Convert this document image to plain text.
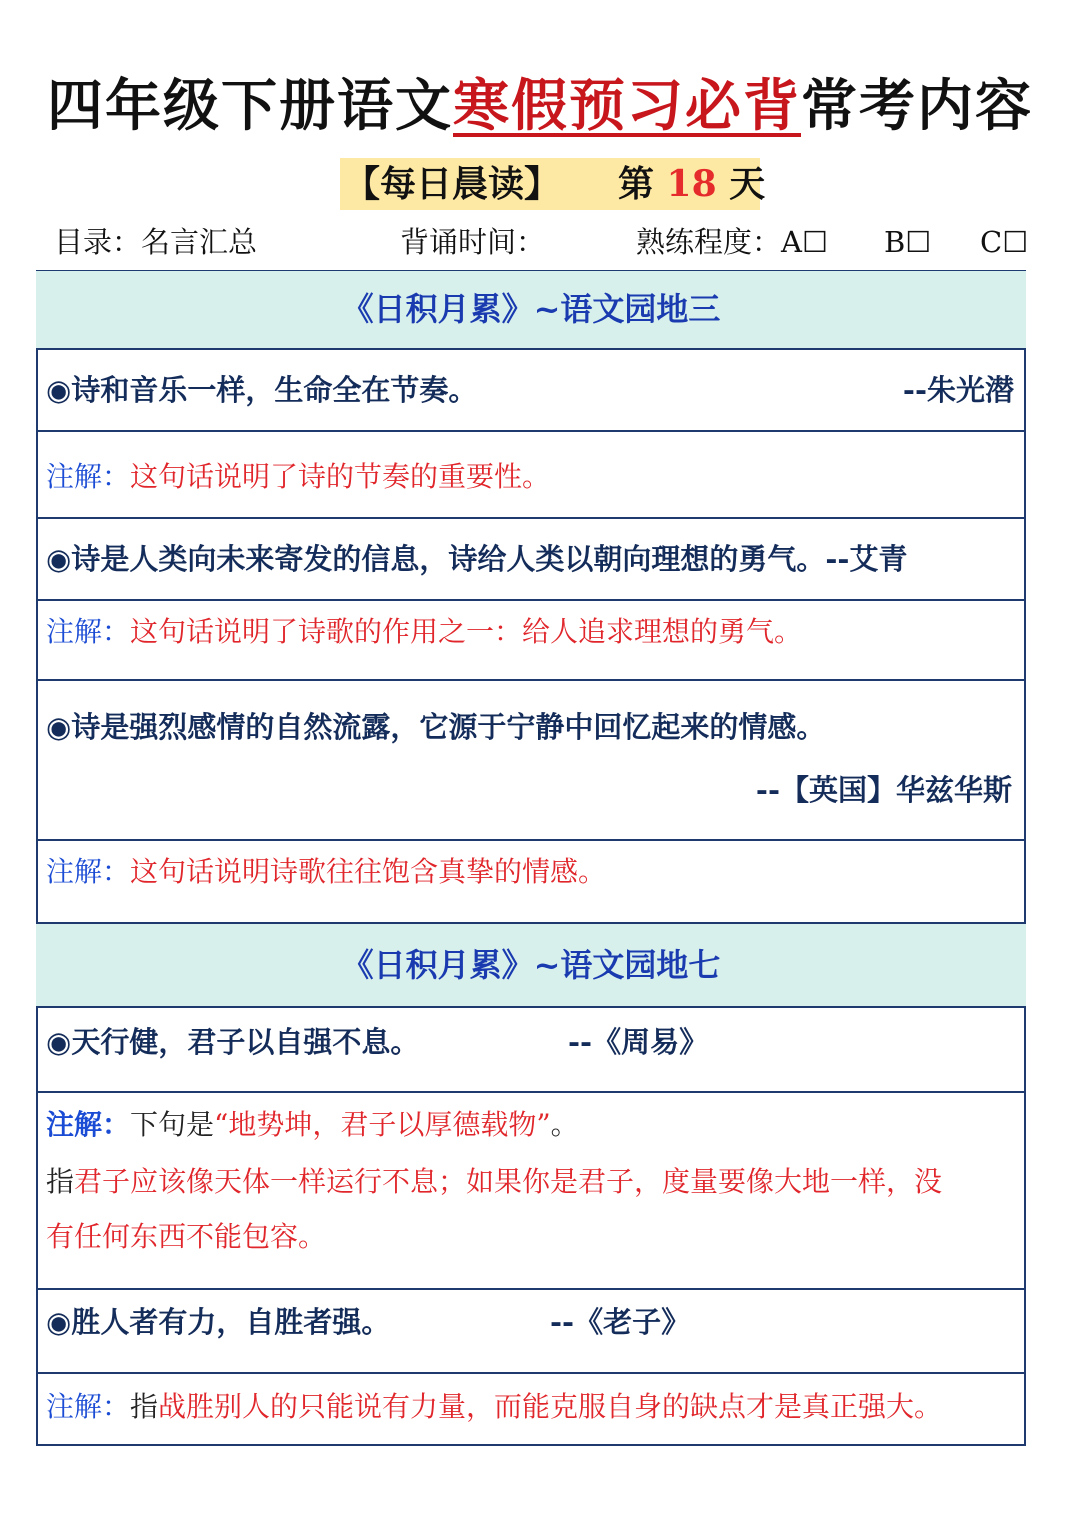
四年级下册语文寒假预习必背常考内容
【每日晨读】 第 18 天
目录：名言汇总	背诵时间：	熟练程度：A☐ B☐ C☐
《日积月累》~语文园地三
◉诗和音乐一样，生命全在节奏。	--朱光潜
注解：这句话说明了诗的节奏的重要性。
◉诗是人类向未来寄发的信息，诗给人类以朝向理想的勇气。--艾青
注解：这句话说明了诗歌的作用之一：给人追求理想的勇气。
◉诗是强烈感情的自然流露，它源于宁静中回忆起来的情感。
--【英国】华兹华斯
注解：这句话说明诗歌往往饱含真挚的情感。
《日积月累》~语文园地七
◉天行健，君子以自强不息。	--《周易》
注解：下句是“地势坤，君子以厚德载物”。
指君子应该像天体一样运行不息；如果你是君子，度量要像大地一样，没
有任何东西不能包容。
◉胜人者有力，自胜者强。	--《老子》
注解：指战胜别人的只能说有力量，而能克服自身的缺点才是真正强大。
